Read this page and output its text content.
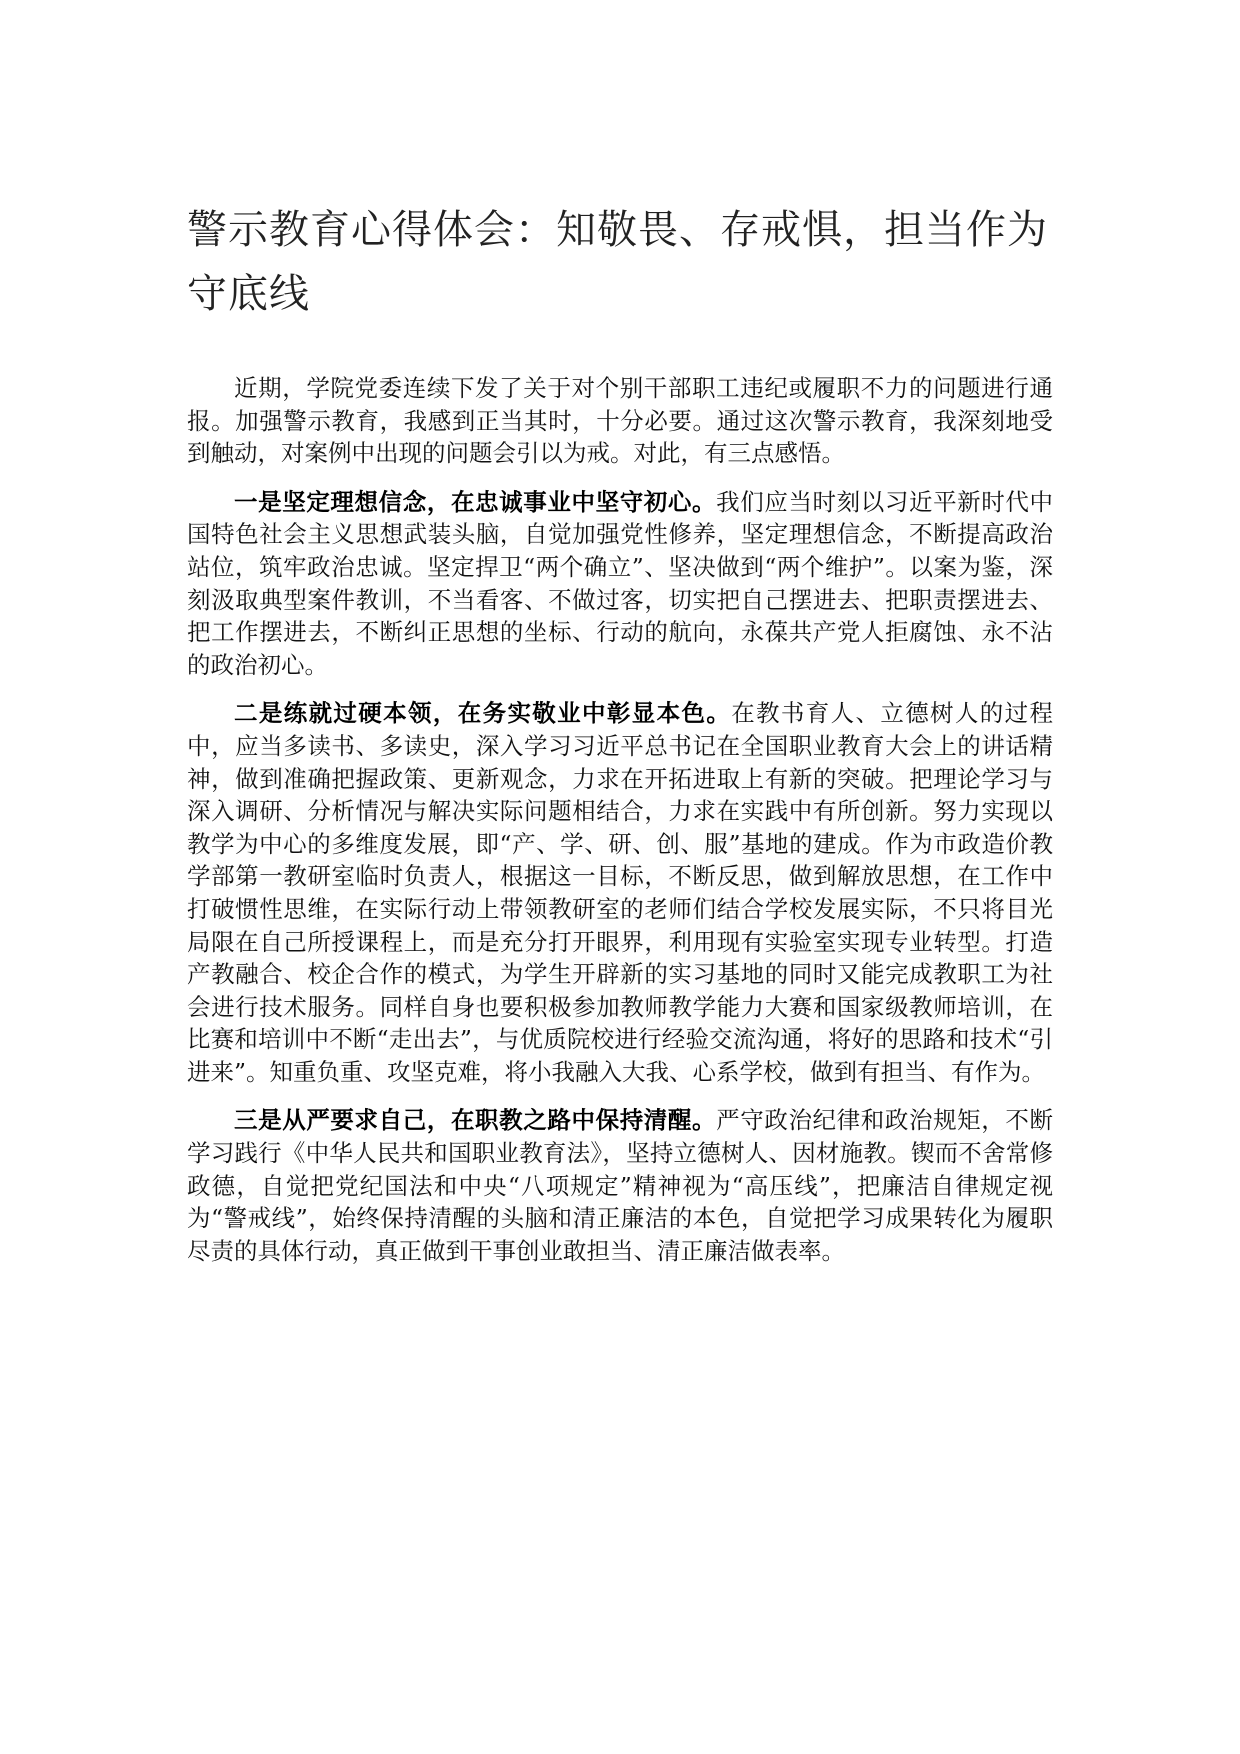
警示教育心得体会：知敬畏、存戒惧，担当作为守底线

近期，学院党委连续下发了关于对个别干部职工违纪或履职不力的问题进行通报。加强警示教育，我感到正当其时，十分必要。通过这次警示教育，我深刻地受到触动，对案例中出现的问题会引以为戒。对此，有三点感悟。

一是坚定理想信念，在忠诚事业中坚守初心。我们应当时刻以习近平新时代中国特色社会主义思想武装头脑，自觉加强党性修养，坚定理想信念，不断提高政治站位，筑牢政治忠诚。坚定捍卫“两个确立”、坚决做到“两个维护”。以案为鉴，深刻汲取典型案件教训，不当看客、不做过客，切实把自己摆进去、把职责摆进去、把工作摆进去，不断纠正思想的坐标、行动的航向，永葆共产党人拒腐蚀、永不沾的政治初心。

二是练就过硬本领，在务实敬业中彰显本色。在教书育人、立德树人的过程中，应当多读书、多读史，深入学习习近平总书记在全国职业教育大会上的讲话精神，做到准确把握政策、更新观念，力求在开拓进取上有新的突破。把理论学习与深入调研、分析情况与解决实际问题相结合，力求在实践中有所创新。努力实现以教学为中心的多维度发展，即“产、学、研、创、服”基地的建成。作为市政造价教学部第一教研室临时负责人，根据这一目标，不断反思，做到解放思想，在工作中打破惯性思维，在实际行动上带领教研室的老师们结合学校发展实际，不只将目光局限在自己所授课程上，而是充分打开眼界，利用现有实验室实现专业转型。打造产教融合、校企合作的模式，为学生开辟新的实习基地的同时又能完成教职工为社会进行技术服务。同样自身也要积极参加教师教学能力大赛和国家级教师培训，在比赛和培训中不断“走出去”，与优质院校进行经验交流沟通，将好的思路和技术“引进来”。知重负重、攻坚克难，将小我融入大我、心系学校，做到有担当、有作为。

三是从严要求自己，在职教之路中保持清醒。严守政治纪律和政治规矩，不断学习践行《中华人民共和国职业教育法》，坚持立德树人、因材施教。锲而不舍常修政德，自觉把党纪国法和中央“八项规定”精神视为“高压线”，把廉洁自律规定视为“警戒线”，始终保持清醒的头脑和清正廉洁的本色，自觉把学习成果转化为履职尽责的具体行动，真正做到干事创业敢担当、清正廉洁做表率。
